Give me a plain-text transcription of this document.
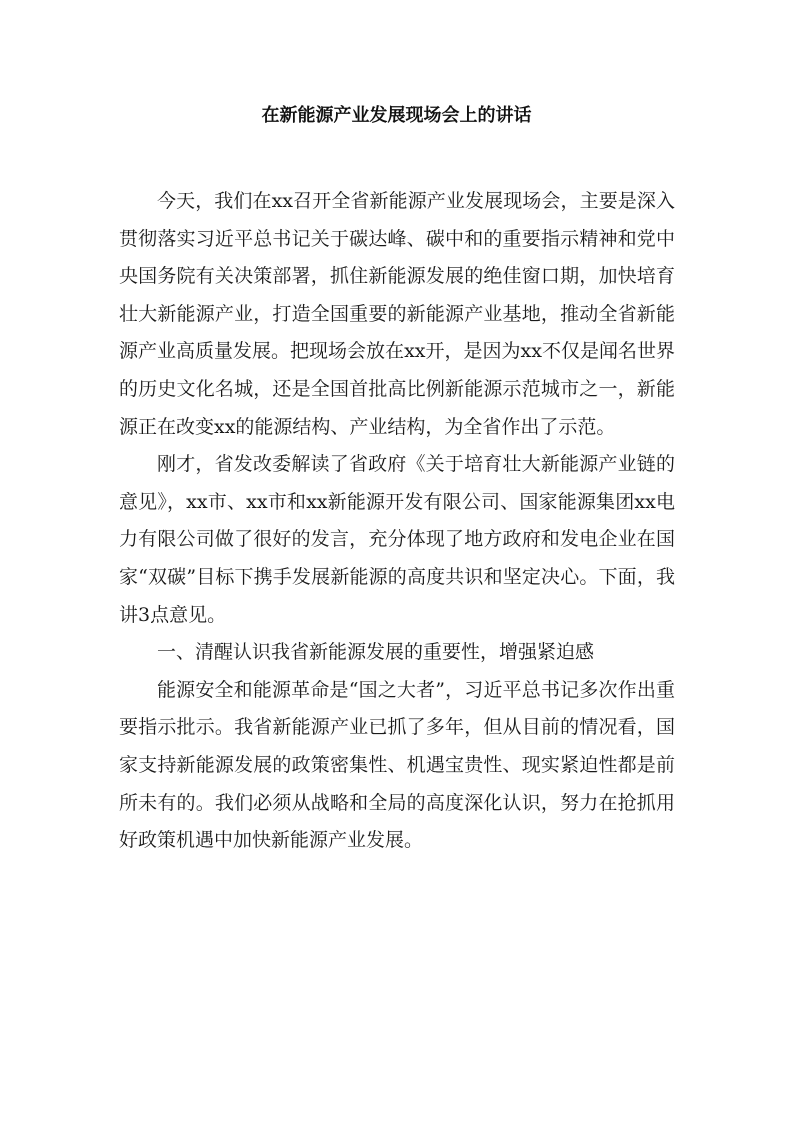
在新能源产业发展现场会上的讲话

今天，我们在xx召开全省新能源产业发展现场会，主要是深入贯彻落实习近平总书记关于碳达峰、碳中和的重要指示精神和党中央国务院有关决策部署，抓住新能源发展的绝佳窗口期，加快培育壮大新能源产业，打造全国重要的新能源产业基地，推动全省新能源产业高质量发展。把现场会放在xx开，是因为xx不仅是闻名世界的历史文化名城，还是全国首批高比例新能源示范城市之一，新能源正在改变xx的能源结构、产业结构，为全省作出了示范。

刚才，省发改委解读了省政府《关于培育壮大新能源产业链的意见》，xx市、xx市和xx新能源开发有限公司、国家能源集团xx电力有限公司做了很好的发言，充分体现了地方政府和发电企业在国家“双碳”目标下携手发展新能源的高度共识和坚定决心。下面，我讲3点意见。

一、清醒认识我省新能源发展的重要性，增强紧迫感

能源安全和能源革命是“国之大者”，习近平总书记多次作出重要指示批示。我省新能源产业已抓了多年，但从目前的情况看，国家支持新能源发展的政策密集性、机遇宝贵性、现实紧迫性都是前所未有的。我们必须从战略和全局的高度深化认识，努力在抢抓用好政策机遇中加快新能源产业发展。
